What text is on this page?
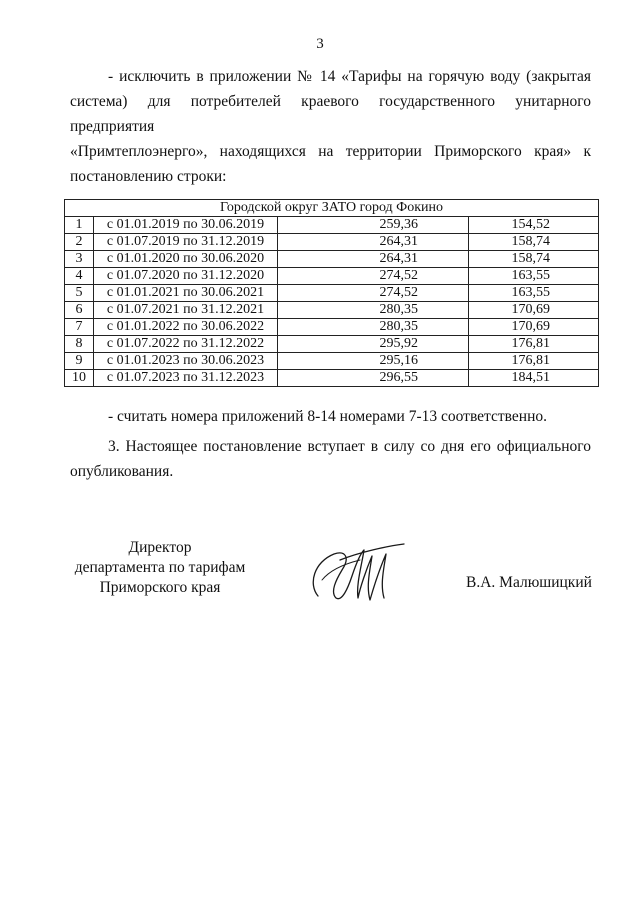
3
- исключить в приложении № 14 «Тарифы на горячую воду (закрытая
система) для потребителей краевого государственного унитарного предприятия
«Примтеплоэнерго», находящихся на территории Приморского края» к
постановлению строки:
Городской округ ЗАТО город Фокино			
1	с 01.01.2019 по 30.06.2019	259,36	154,52
2	с 01.07.2019 по 31.12.2019	264,31	158,74
3	с 01.01.2020 по 30.06.2020	264,31	158,74
4	с 01.07.2020 по 31.12.2020	274,52	163,55
5	с 01.01.2021 по 30.06.2021	274,52	163,55
6	с 01.07.2021 по 31.12.2021	280,35	170,69
7	с 01.01.2022 по 30.06.2022	280,35	170,69
8	с 01.07.2022 по 31.12.2022	295,92	176,81
9	с 01.01.2023 по 30.06.2023	295,16	176,81
10	с 01.07.2023 по 31.12.2023	296,55	184,51
- считать номера приложений 8-14 номерами 7-13 соответственно.
3. Настоящее постановление вступает в силу со дня его официального
опубликования.
Директор
департамента по тарифам
Приморского края	В.А. Малюшицкий
